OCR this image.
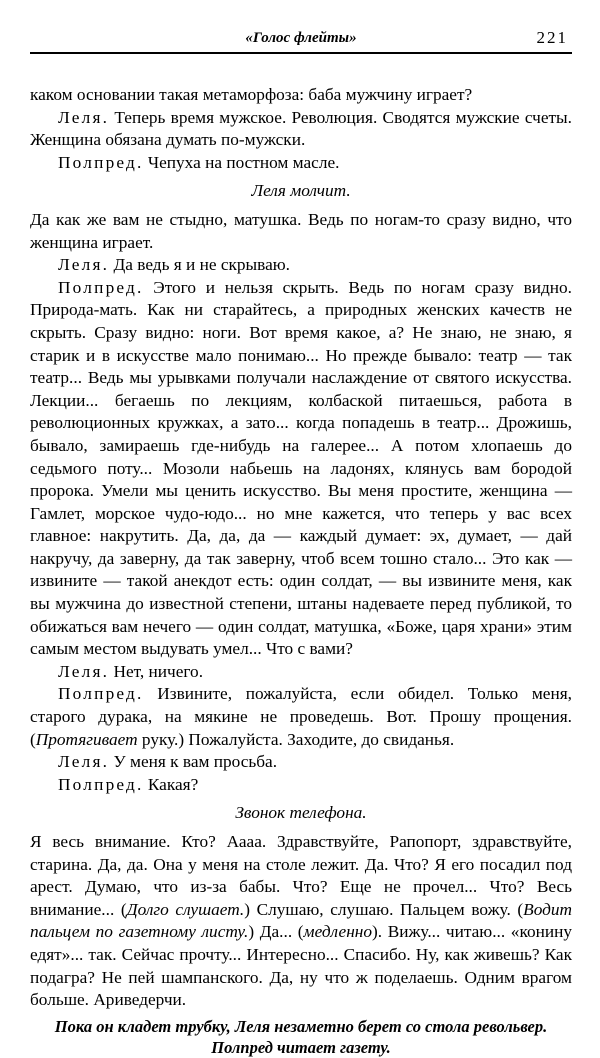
«Голос флейты»	221

каком основании такая метаморфоза: баба мужчину играет?

Леля. Теперь время мужское. Революция. Сводятся мужские счеты. Женщина обязана думать по-мужски.

Полпред. Чепуха на постном масле.

Леля молчит.

Да как же вам не стыдно, матушка. Ведь по ногам-то сразу видно, что женщина играет.

Леля. Да ведь я и не скрываю.

Полпред. Этого и нельзя скрыть. Ведь по ногам сразу видно. Природа-мать. Как ни старайтесь, а природных женских качеств не скрыть. Сразу видно: ноги. Вот время какое, а? Не знаю, не знаю, я старик и в искусстве мало понимаю... Но прежде бывало: театр — так театр... Ведь мы урывками получали наслаждение от святого искусства. Лекции... бегаешь по лекциям, колбаской питаешься, работа в революционных кружках, а зато... когда попадешь в театр... Дрожишь, бывало, замираешь где-нибудь на галерее... А потом хлопаешь до седьмого поту... Мозоли набьешь на ладонях, клянусь вам бородой пророка. Умели мы ценить искусство. Вы меня простите, женщина — Гамлет, морское чудо-юдо... но мне кажется, что теперь у вас всех главное: накрутить. Да, да, да — каждый думает: эх, думает, — дай накручу, да заверну, да так заверну, чтоб всем тошно стало... Это как — извините — такой анекдот есть: один солдат, — вы извините меня, как вы мужчина до известной степени, штаны надеваете перед публикой, то обижаться вам нечего — один солдат, матушка, «Боже, царя храни» этим самым местом выдувать умел... Что с вами?

Леля. Нет, ничего.

Полпред. Извините, пожалуйста, если обидел. Только меня, старого дурака, на мякине не проведешь. Вот. Прошу прощения. (Протягивает руку.) Пожалуйста. Заходите, до свиданья.

Леля. У меня к вам просьба.

Полпред. Какая?

Звонок телефона.

Я весь внимание. Кто? Аааа. Здравствуйте, Рапопорт, здравствуйте, старина. Да, да. Она у меня на столе лежит. Да. Что? Я его посадил под арест. Думаю, что из-за бабы. Что? Еще не прочел... Что? Весь внимание... (Долго слушает.) Слушаю, слушаю. Пальцем вожу. (Водит пальцем по газетному листу.) Да... (медленно). Вижу... читаю... «конину едят»... так. Сейчас прочту... Интересно... Спасибо. Ну, как живешь? Как подагра? Не пей шампанского. Да, ну что ж поделаешь. Одним врагом больше. Ариведерчи.

Пока он кладет трубку, Леля незаметно берет со стола револьвер. Полпред читает газету.
